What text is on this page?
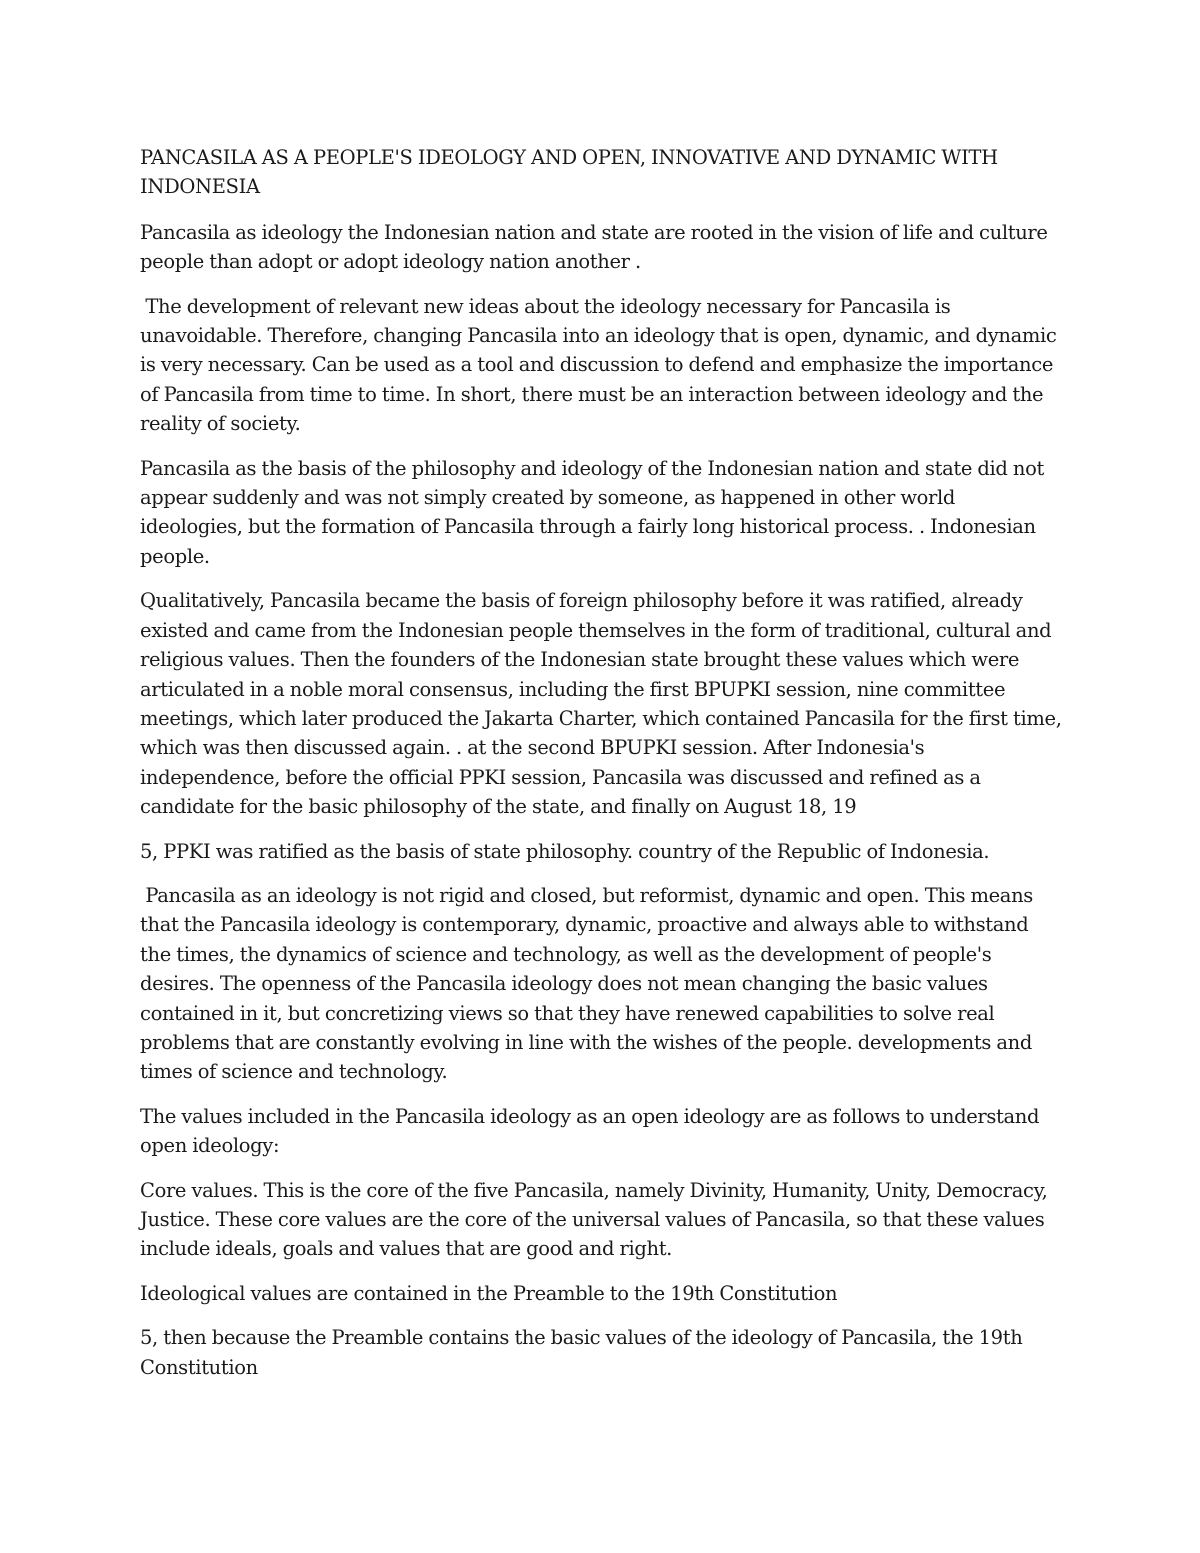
PANCASILA AS A PEOPLE'S IDEOLOGY AND OPEN, INNOVATIVE AND DYNAMIC WITH INDONESIA

Pancasila as ideology the Indonesian nation and state are rooted in the vision of life and culture people than adopt or adopt ideology nation another .

The development of relevant new ideas about the ideology necessary for Pancasila is unavoidable. Therefore, changing Pancasila into an ideology that is open, dynamic, and dynamic is very necessary. Can be used as a tool and discussion to defend and emphasize the importance of Pancasila from time to time. In short, there must be an interaction between ideology and the reality of society.

Pancasila as the basis of the philosophy and ideology of the Indonesian nation and state did not appear suddenly and was not simply created by someone, as happened in other world ideologies, but the formation of Pancasila through a fairly long historical process. . Indonesian people.

Qualitatively, Pancasila became the basis of foreign philosophy before it was ratified, already existed and came from the Indonesian people themselves in the form of traditional, cultural and religious values. Then the founders of the Indonesian state brought these values which were articulated in a noble moral consensus, including the first BPUPKI session, nine committee meetings, which later produced the Jakarta Charter, which contained Pancasila for the first time, which was then discussed again. . at the second BPUPKI session. After Indonesia's independence, before the official PPKI session, Pancasila was discussed and refined as a candidate for the basic philosophy of the state, and finally on August 18, 19

5, PPKI was ratified as the basis of state philosophy. country of the Republic of Indonesia.

Pancasila as an ideology is not rigid and closed, but reformist, dynamic and open. This means that the Pancasila ideology is contemporary, dynamic, proactive and always able to withstand the times, the dynamics of science and technology, as well as the development of people's desires. The openness of the Pancasila ideology does not mean changing the basic values contained in it, but concretizing views so that they have renewed capabilities to solve real problems that are constantly evolving in line with the wishes of the people. developments and times of science and technology.

The values included in the Pancasila ideology as an open ideology are as follows to understand open ideology:

Core values. This is the core of the five Pancasila, namely Divinity, Humanity, Unity, Democracy, Justice. These core values are the core of the universal values of Pancasila, so that these values include ideals, goals and values that are good and right.

Ideological values are contained in the Preamble to the 19th Constitution

5, then because the Preamble contains the basic values of the ideology of Pancasila, the 19th Constitution
